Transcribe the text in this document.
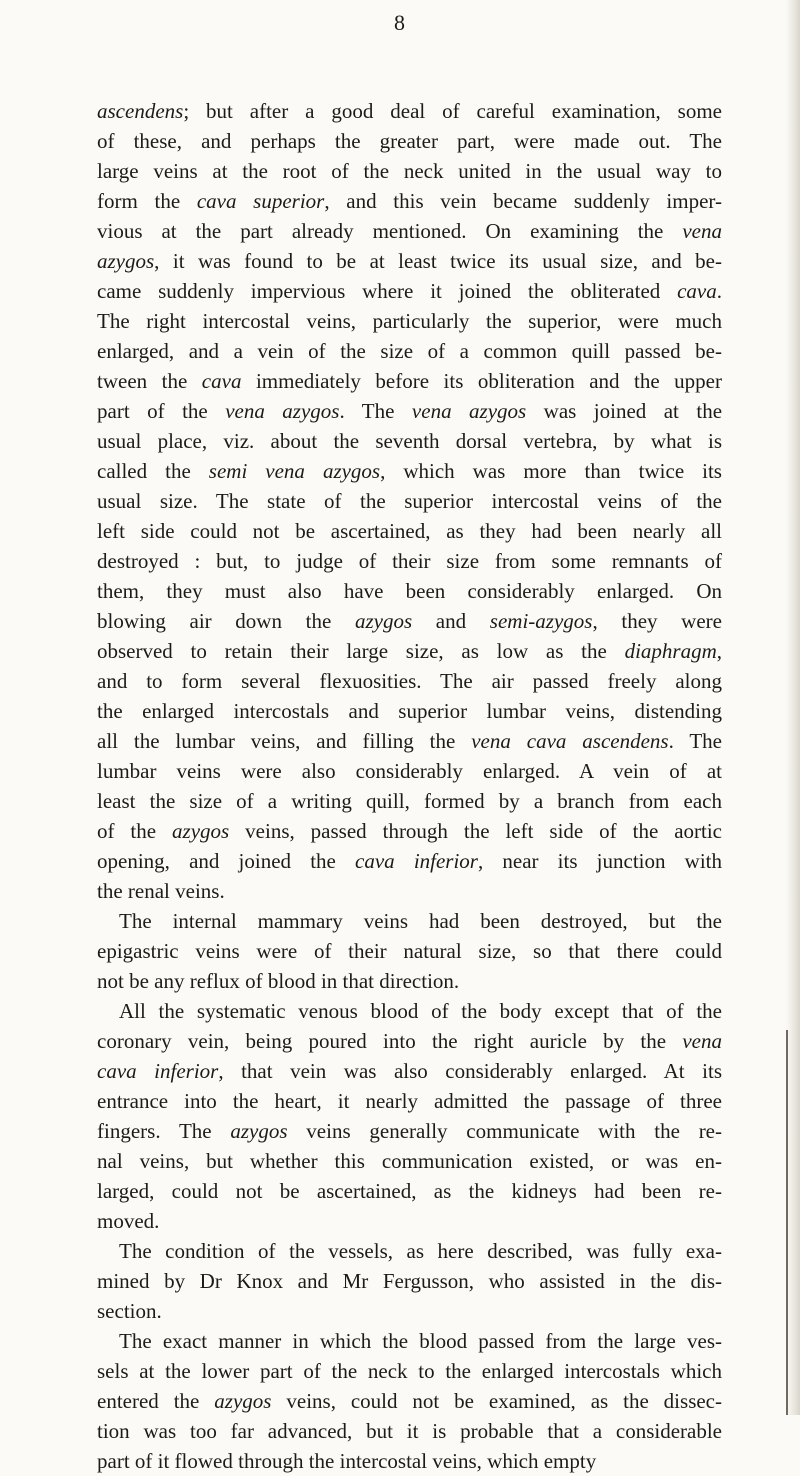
8

ascendens; but after a good deal of careful examination, some
of these, and perhaps the greater part, were made out. The
large veins at the root of the neck united in the usual way to
form the cava superior, and this vein became suddenly imper-
vious at the part already mentioned. On examining the vena
azygos, it was found to be at least twice its usual size, and be-
came suddenly impervious where it joined the obliterated cava.
The right intercostal veins, particularly the superior, were much
enlarged, and a vein of the size of a common quill passed be-
tween the cava immediately before its obliteration and the upper
part of the vena azygos. The vena azygos was joined at the
usual place, viz. about the seventh dorsal vertebra, by what is
called the semi vena azygos, which was more than twice its
usual size. The state of the superior intercostal veins of the
left side could not be ascertained, as they had been nearly all
destroyed : but, to judge of their size from some remnants of
them, they must also have been considerably enlarged. On
blowing air down the azygos and semi-azygos, they were
observed to retain their large size, as low as the diaphragm,
and to form several flexuosities. The air passed freely along
the enlarged intercostals and superior lumbar veins, distending
all the lumbar veins, and filling the vena cava ascendens. The
lumbar veins were also considerably enlarged. A vein of at
least the size of a writing quill, formed by a branch from each
of the azygos veins, passed through the left side of the aortic
opening, and joined the cava inferior, near its junction with
the renal veins.

The internal mammary veins had been destroyed, but the
epigastric veins were of their natural size, so that there could
not be any reflux of blood in that direction.

All the systematic venous blood of the body except that of the
coronary vein, being poured into the right auricle by the vena
cava inferior, that vein was also considerably enlarged. At its
entrance into the heart, it nearly admitted the passage of three
fingers. The azygos veins generally communicate with the re-
nal veins, but whether this communication existed, or was en-
larged, could not be ascertained, as the kidneys had been re-
moved.

The condition of the vessels, as here described, was fully exa-
mined by Dr Knox and Mr Fergusson, who assisted in the dis-
section.

The exact manner in which the blood passed from the large ves-
sels at the lower part of the neck to the enlarged intercostals which
entered the azygos veins, could not be examined, as the dissec-
tion was too far advanced, but it is probable that a considerable
part of it flowed through the intercostal veins, which empty
